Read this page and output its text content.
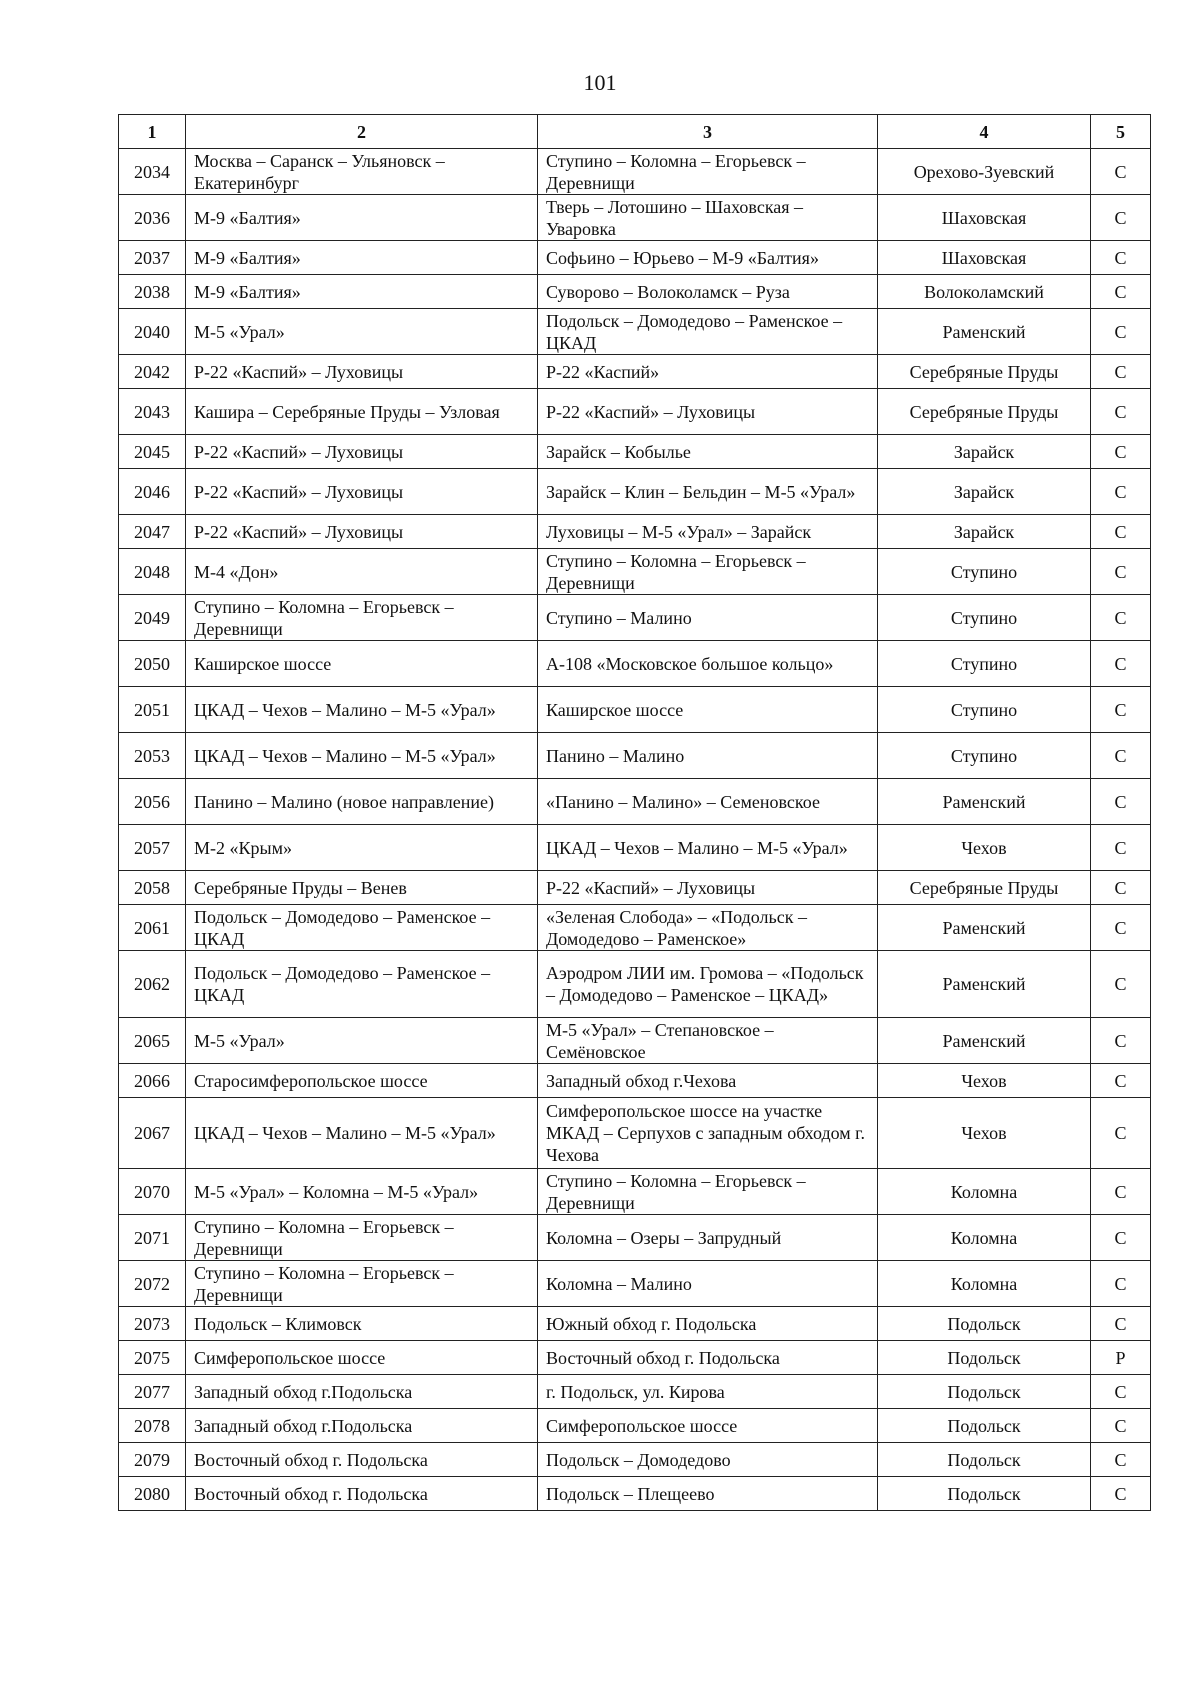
101
1	2	3	4	5
2034	Москва – Саранск – Ульяновск – Екатеринбург	Ступино – Коломна – Егорьевск – Деревнищи	Орехово-Зуевский	С
2036	М-9 «Балтия»	Тверь – Лотошино – Шаховская – Уваровка	Шаховская	С
2037	М-9 «Балтия»	Софьино – Юрьево – М-9 «Балтия»	Шаховская	С
2038	М-9 «Балтия»	Суворово – Волоколамск – Руза	Волоколамский	С
2040	М-5 «Урал»	Подольск – Домодедово – Раменское – ЦКАД	Раменский	С
2042	Р-22 «Каспий» – Луховицы	Р-22 «Каспий»	Серебряные Пруды	С
2043	Кашира – Серебряные Пруды – Узловая	Р-22 «Каспий» – Луховицы	Серебряные Пруды	С
2045	Р-22 «Каспий» – Луховицы	Зарайск – Кобылье	Зарайск	С
2046	Р-22 «Каспий» – Луховицы	Зарайск – Клин – Бельдин – М-5 «Урал»	Зарайск	С
2047	Р-22 «Каспий» – Луховицы	Луховицы – М-5 «Урал» – Зарайск	Зарайск	С
2048	М-4 «Дон»	Ступино – Коломна – Егорьевск – Деревнищи	Ступино	С
2049	Ступино – Коломна – Егорьевск – Деревнищи	Ступино – Малино	Ступино	С
2050	Каширское шоссе	А-108 «Московское большое кольцо»	Ступино	С
2051	ЦКАД – Чехов – Малино – М-5 «Урал»	Каширское шоссе	Ступино	С
2053	ЦКАД – Чехов – Малино – М-5 «Урал»	Панино – Малино	Ступино	С
2056	Панино – Малино (новое направление)	«Панино – Малино» – Семеновское	Раменский	С
2057	М-2 «Крым»	ЦКАД – Чехов – Малино – М-5 «Урал»	Чехов	С
2058	Серебряные Пруды – Венев	Р-22 «Каспий» – Луховицы	Серебряные Пруды	С
2061	Подольск – Домодедово – Раменское – ЦКАД	«Зеленая Слобода» – «Подольск – Домодедово – Раменское»	Раменский	С
2062	Подольск – Домодедово – Раменское – ЦКАД	Аэродром ЛИИ им. Громова – «Подольск – Домодедово – Раменское – ЦКАД»	Раменский	С
2065	М-5 «Урал»	М-5 «Урал» – Степановское – Семёновское	Раменский	С
2066	Старосимферопольское шоссе	Западный обход г.Чехова	Чехов	С
2067	ЦКАД – Чехов – Малино – М-5 «Урал»	Симферопольское шоссе на участке МКАД – Серпухов с западным обходом г. Чехова	Чехов	С
2070	М-5 «Урал» – Коломна – М-5 «Урал»	Ступино – Коломна – Егорьевск – Деревнищи	Коломна	С
2071	Ступино – Коломна – Егорьевск – Деревнищи	Коломна – Озеры – Запрудный	Коломна	С
2072	Ступино – Коломна – Егорьевск – Деревнищи	Коломна – Малино	Коломна	С
2073	Подольск – Климовск	Южный обход г. Подольска	Подольск	С
2075	Симферопольское шоссе	Восточный обход г. Подольска	Подольск	Р
2077	Западный обход г.Подольска	г. Подольск, ул. Кирова	Подольск	С
2078	Западный обход г.Подольска	Симферопольское шоссе	Подольск	С
2079	Восточный обход г. Подольска	Подольск – Домодедово	Подольск	С
2080	Восточный обход г. Подольска	Подольск – Плещеево	Подольск	С
